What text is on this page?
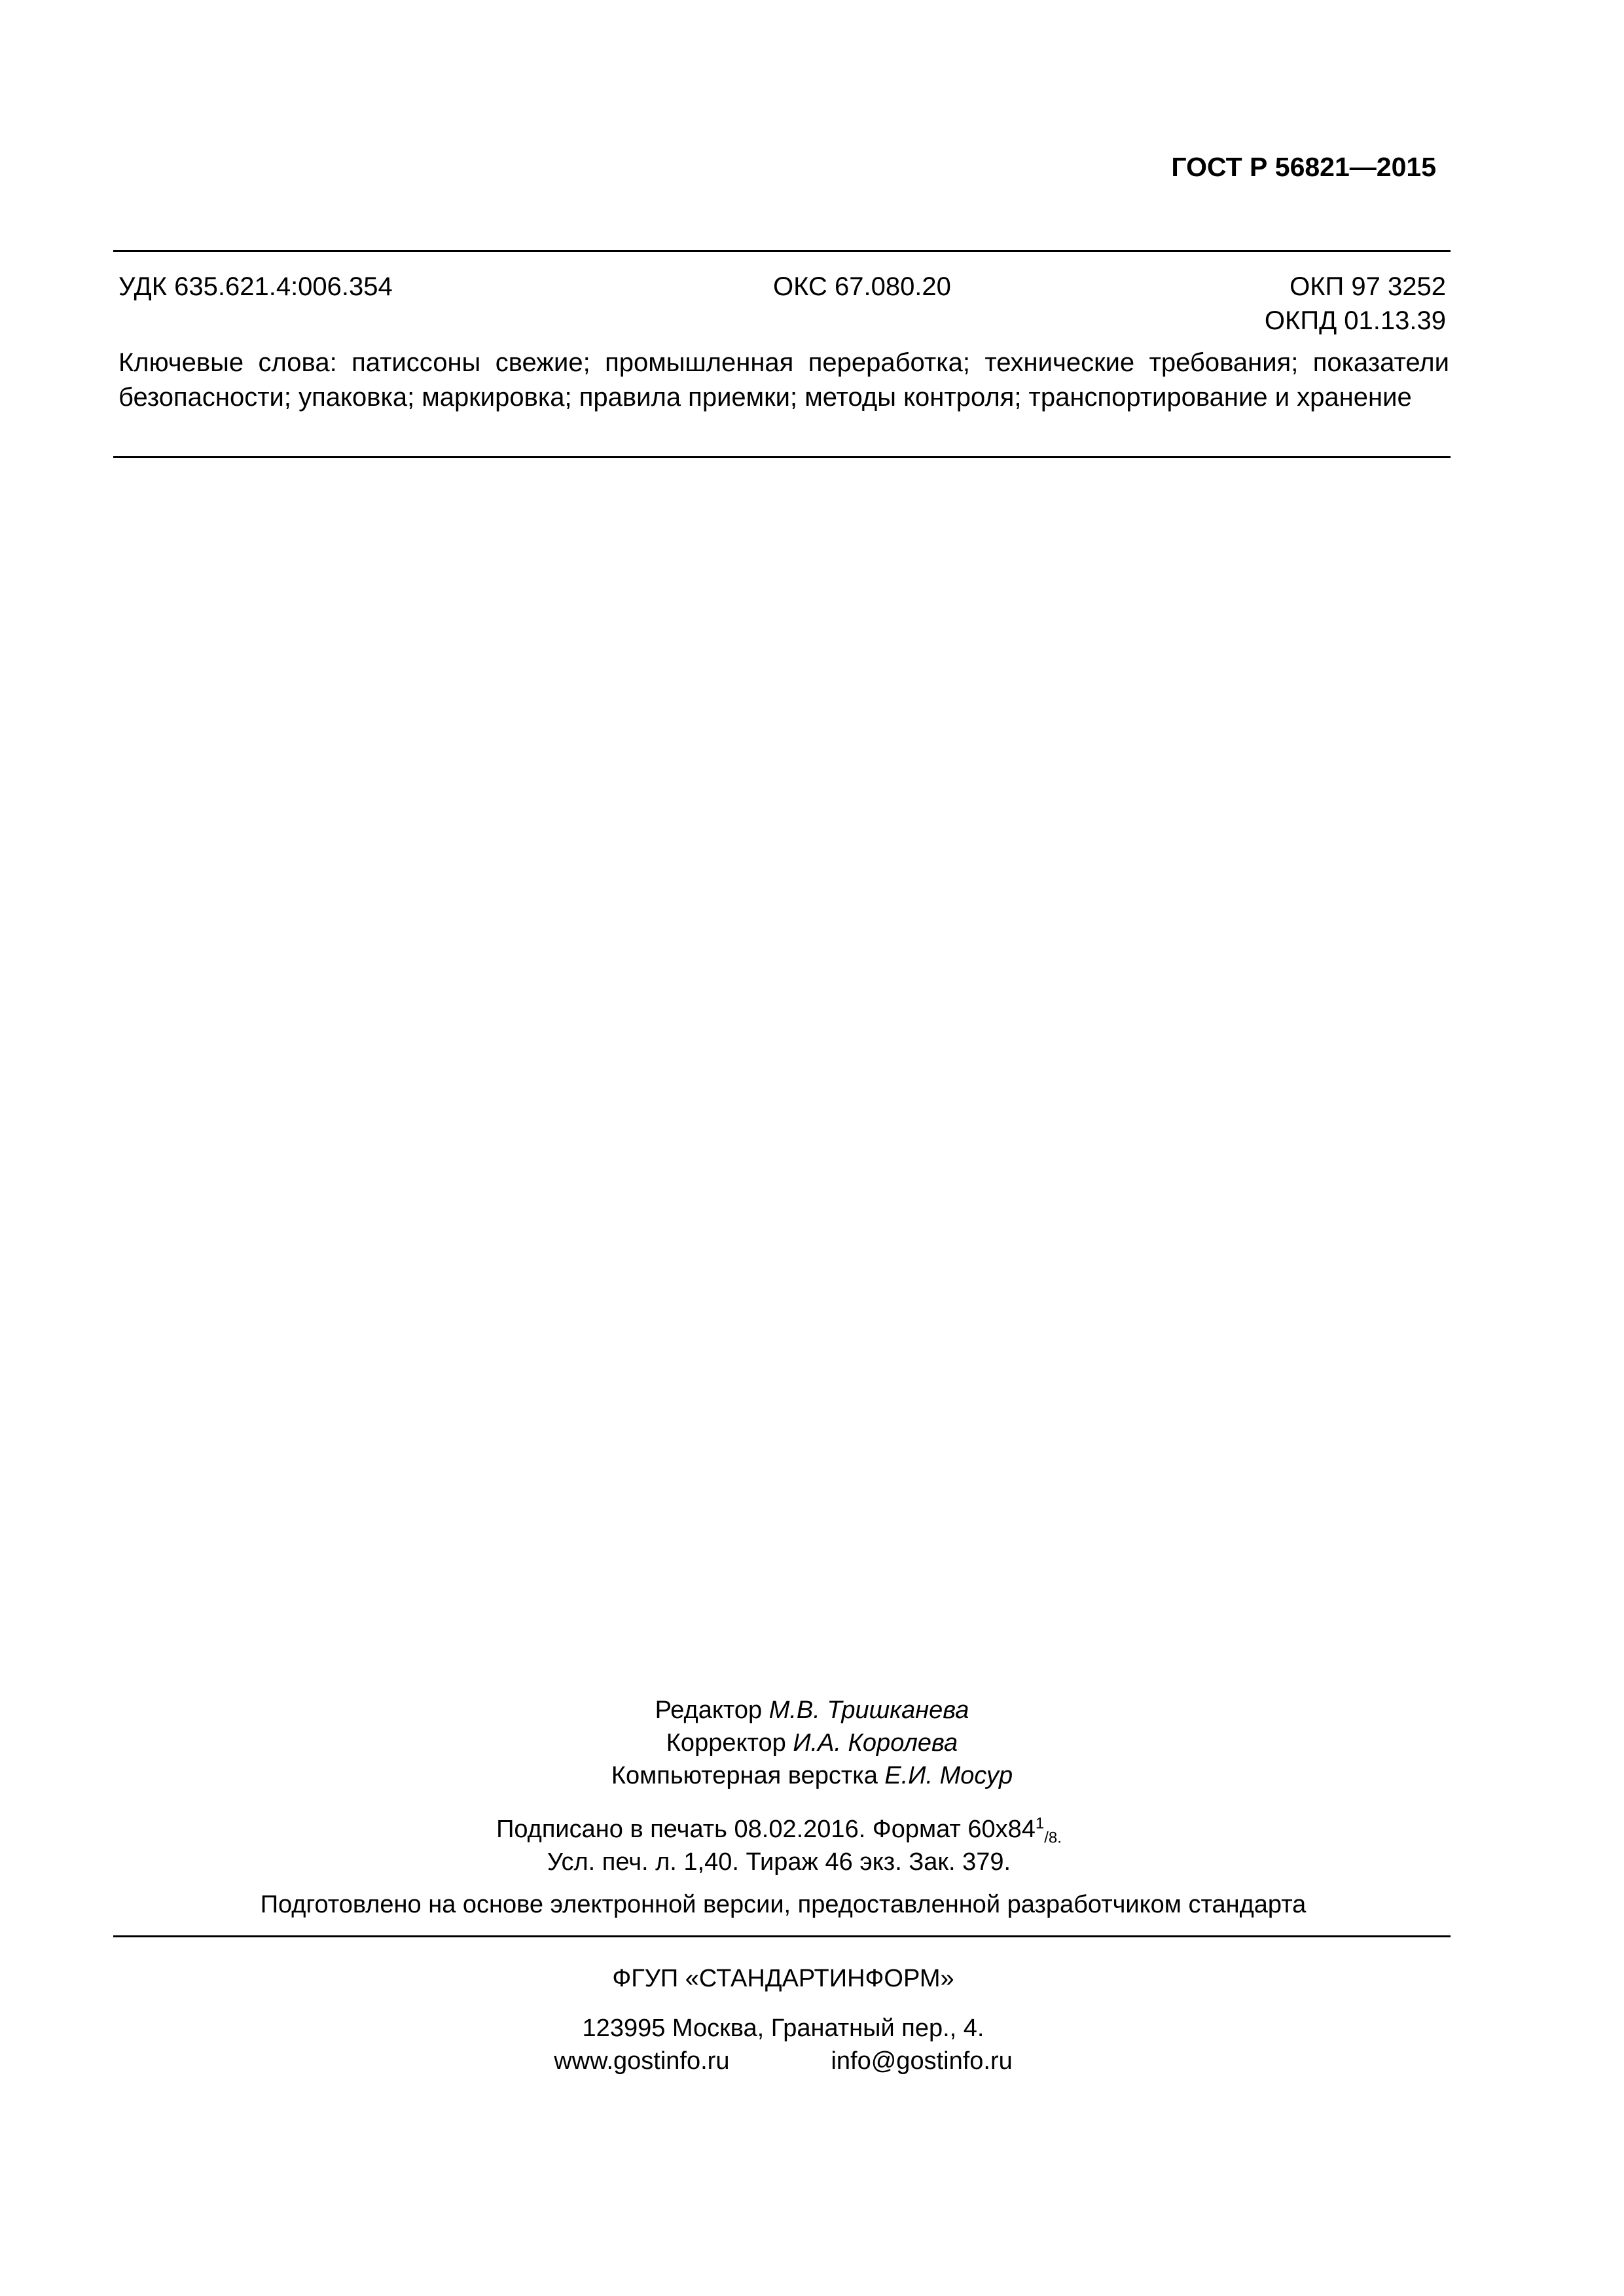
ГОСТ Р 56821—2015
УДК 635.621.4:006.354	ОКС 67.080.20	ОКП 97 3252
ОКПД 01.13.39
Ключевые слова: патиссоны свежие; промышленная переработка; технические требования; показатели безопасности; упаковка; маркировка; правила приемки; методы контроля; транспортирование и хранение
Редактор М.В. Тришканева
Корректор И.А. Королева
Компьютерная верстка Е.И. Мосур
Подписано в печать 08.02.2016. Формат $60x84^1_{/8.}$
Усл. печ. л. 1,40. Тираж 46 экз. Зак. 379.
Подготовлено на основе электронной версии, предоставленной разработчиком стандарта
ФГУП «СТАНДАРТИНФОРМ»
123995 Москва, Гранатный пер., 4.
www.gostinfo.ru	info@gostinfo.ru
